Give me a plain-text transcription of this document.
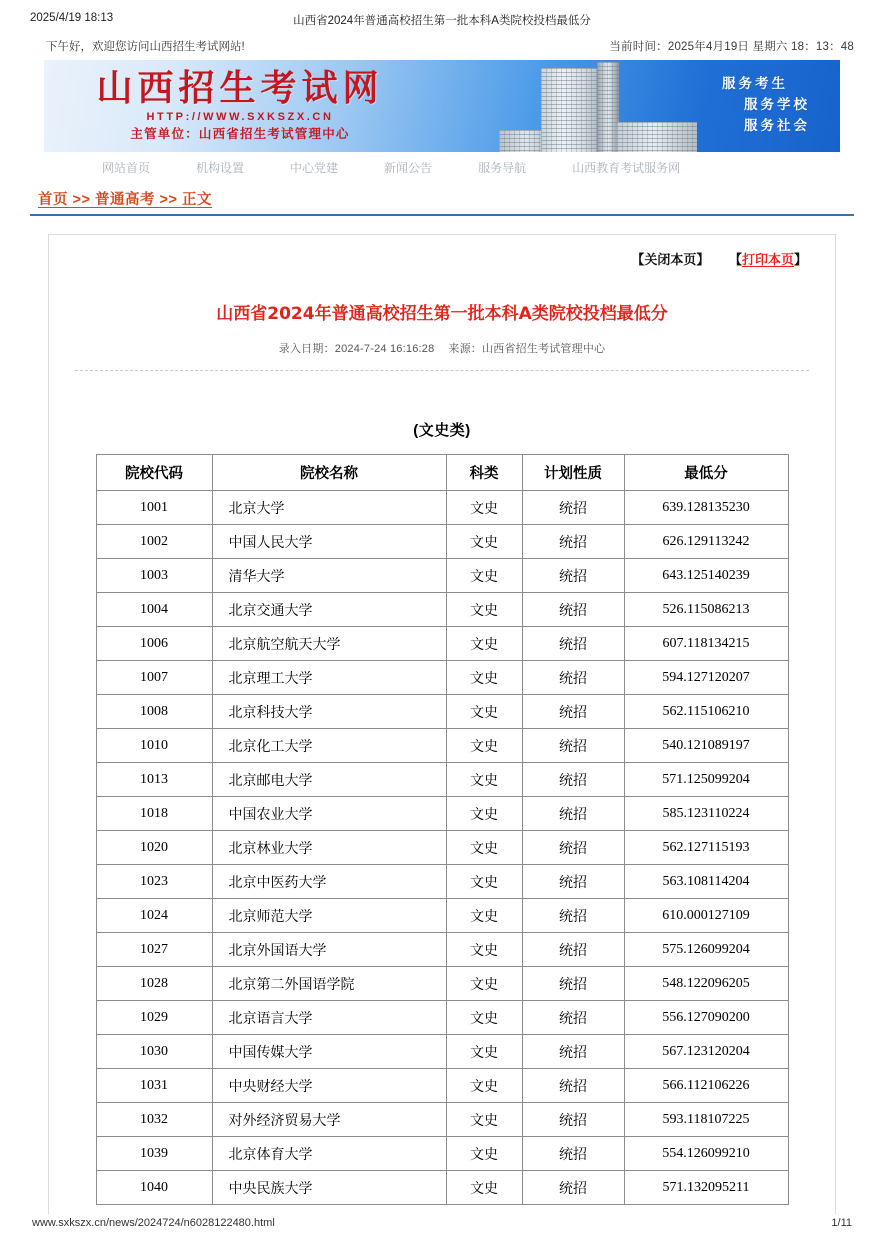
2025/4/19 18:13	山西省2024年普通高校招生第一批本科A类院校投档最低分
下午好，欢迎您访问山西招生考试网站!	当前时间：2025年4月19日 星期六 18：13：48
山西招生考试网
HTTP://WWW.SXKSZX.CN
主管单位：山西省招生考试管理中心
服务考生
服务学校
服务社会
网站首页	机构设置	中心党建	新闻公告	服务导航	山西教育考试服务网
首页 >> 普通高考 >> 正文
【关闭本页】 【打印本页】
山西省2024年普通高校招生第一批本科A类院校投档最低分
录入日期：2024-7-24 16:16:28 来源：山西省招生考试管理中心
(文史类)
院校代码	院校名称	科类	计划性质	最低分
1001	北京大学	文史	统招	639.128135230
1002	中国人民大学	文史	统招	626.129113242
1003	清华大学	文史	统招	643.125140239
1004	北京交通大学	文史	统招	526.115086213
1006	北京航空航天大学	文史	统招	607.118134215
1007	北京理工大学	文史	统招	594.127120207
1008	北京科技大学	文史	统招	562.115106210
1010	北京化工大学	文史	统招	540.121089197
1013	北京邮电大学	文史	统招	571.125099204
1018	中国农业大学	文史	统招	585.123110224
1020	北京林业大学	文史	统招	562.127115193
1023	北京中医药大学	文史	统招	563.108114204
1024	北京师范大学	文史	统招	610.000127109
1027	北京外国语大学	文史	统招	575.126099204
1028	北京第二外国语学院	文史	统招	548.122096205
1029	北京语言大学	文史	统招	556.127090200
1030	中国传媒大学	文史	统招	567.123120204
1031	中央财经大学	文史	统招	566.112106226
1032	对外经济贸易大学	文史	统招	593.118107225
1039	北京体育大学	文史	统招	554.126099210
1040	中央民族大学	文史	统招	571.132095211
www.sxkszx.cn/news/2024724/n6028122480.html	1/11
